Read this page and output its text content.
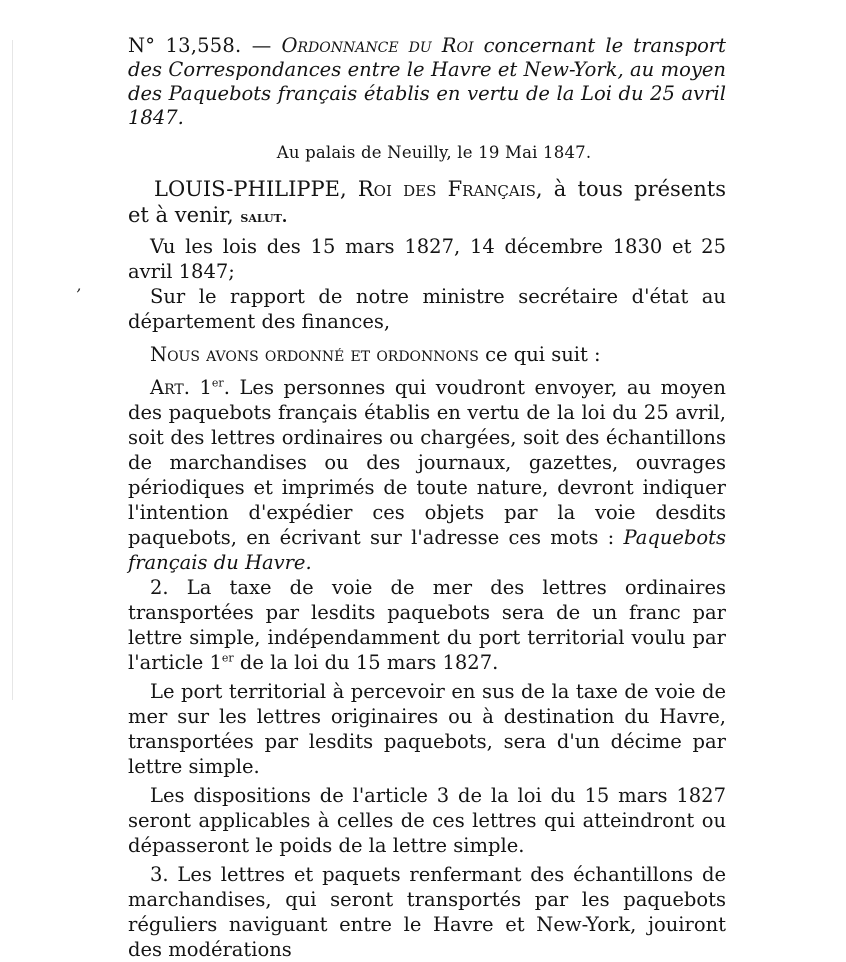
’

N° 13,558. — Ordonnance du Roi concernant le transport des Correspondances entre le Havre et New-York, au moyen des Paquebots français établis en vertu de la Loi du 25 avril 1847.

Au palais de Neuilly, le 19 Mai 1847.

LOUIS-PHILIPPE, Roi des Français, à tous présents et à venir, salut.

Vu les lois des 15 mars 1827, 14 décembre 1830 et 25 avril 1847;

Sur le rapport de notre ministre secrétaire d'état au département des finances,

Nous avons ordonné et ordonnons ce qui suit :

Art. 1er. Les personnes qui voudront envoyer, au moyen des paquebots français établis en vertu de la loi du 25 avril, soit des lettres ordinaires ou chargées, soit des échantillons de marchandises ou des journaux, gazettes, ouvrages périodiques et imprimés de toute nature, devront indiquer l'intention d'expédier ces objets par la voie desdits paquebots, en écrivant sur l'adresse ces mots : Paquebots français du Havre.

2. La taxe de voie de mer des lettres ordinaires transportées par lesdits paquebots sera de un franc par lettre simple, indépendamment du port territorial voulu par l'article 1er de la loi du 15 mars 1827.

Le port territorial à percevoir en sus de la taxe de voie de mer sur les lettres originaires ou à destination du Havre, transportées par lesdits paquebots, sera d'un décime par lettre simple.

Les dispositions de l'article 3 de la loi du 15 mars 1827 seront applicables à celles de ces lettres qui atteindront ou dépasseront le poids de la lettre simple.

3. Les lettres et paquets renfermant des échantillons de marchandises, qui seront transportés par les paquebots réguliers naviguant entre le Havre et New-York, jouiront des modérations
